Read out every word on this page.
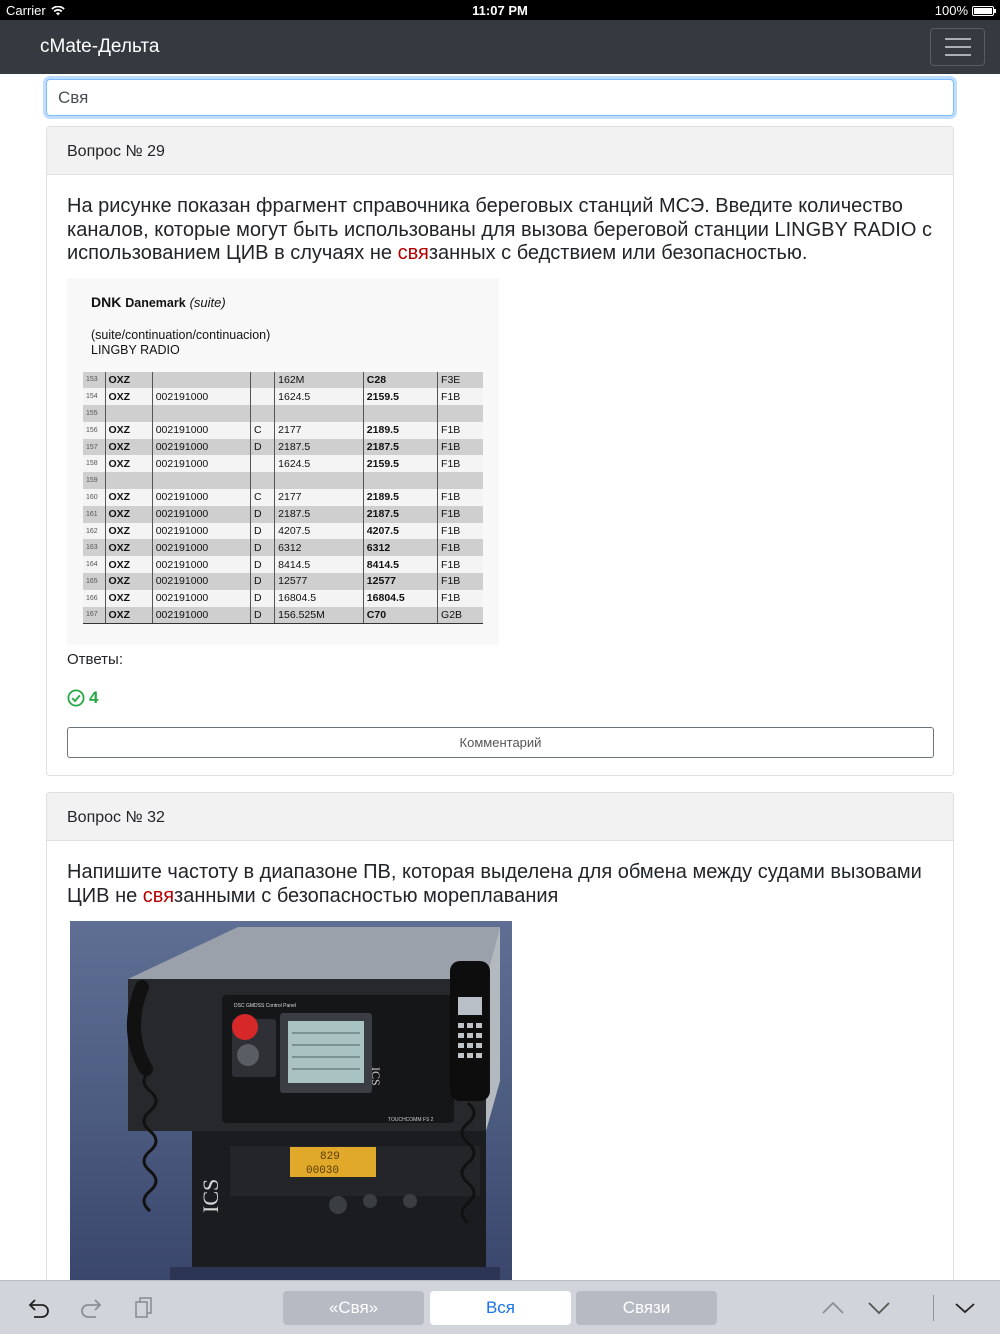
Carrier	11:07 PM	100%
cMate-Дельта
Свя
Вопрос № 29
На рисунке показан фрагмент справочника береговых станций МСЭ. Введите количество каналов, которые могут быть использованы для вызова береговой станции LINGBY RADIO с использованием ЦИВ в случаях не связанных с бедствием или безопасностью.
DNK Danemark (suite)
(suite/continuation/continuacion)
LINGBY RADIO
153	OXZ			162M	C28	F3E
154	OXZ	002191000		1624.5	2159.5	F1B
155						
156	OXZ	002191000	C	2177	2189.5	F1B
157	OXZ	002191000	D	2187.5	2187.5	F1B
158	OXZ	002191000		1624.5	2159.5	F1B
159						
160	OXZ	002191000	C	2177	2189.5	F1B
161	OXZ	002191000	D	2187.5	2187.5	F1B
162	OXZ	002191000	D	4207.5	4207.5	F1B
163	OXZ	002191000	D	6312	6312	F1B
164	OXZ	002191000	D	8414.5	8414.5	F1B
165	OXZ	002191000	D	12577	12577	F1B
166	OXZ	002191000	D	16804.5	16804.5	F1B
167	OXZ	002191000	D	156.525M	C70	G2B
Ответы:
4
Комментарий
Вопрос № 32
Напишите частоту в диапазоне ПВ, которая выделена для обмена между судами вызовами ЦИВ не связанными с безопасностью мореплавания
DSC GMDSS Control Panel
ICS
TOUCHCOMM FS 2
829
00030
ICS
«Свя»	Вся	Связи
